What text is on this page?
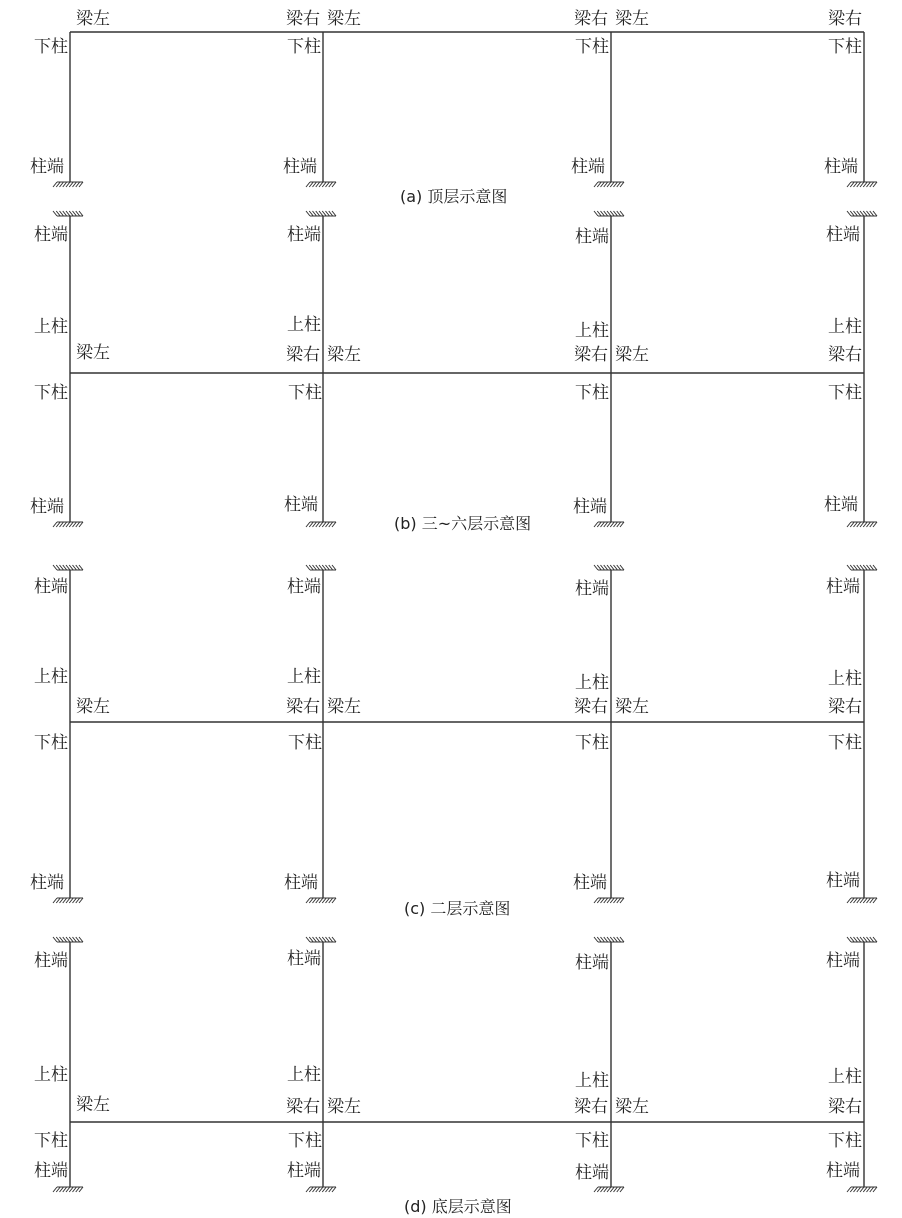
梁左	梁右 梁左	梁右 梁左	梁右
下柱	下柱	下柱	下柱
柱端	柱端	柱端	柱端
(a) 顶层示意图
柱端	柱端	柱端	柱端
上柱	上柱	上柱	上柱
梁左	梁右 梁左	梁右 梁左	梁右
下柱	下柱	下柱	下柱
柱端	柱端	柱端	柱端
(b) 三~六层示意图
柱端	柱端	柱端	柱端
上柱	上柱	上柱	上柱
梁左	梁右 梁左	梁右 梁左	梁右
下柱	下柱	下柱	下柱
柱端	柱端	柱端	柱端
(c) 二层示意图
柱端	柱端	柱端	柱端
上柱	上柱	上柱	上柱
梁左	梁右 梁左	梁右 梁左	梁右
下柱	下柱	下柱	下柱
柱端	柱端	柱端	柱端
(d) 底层示意图
